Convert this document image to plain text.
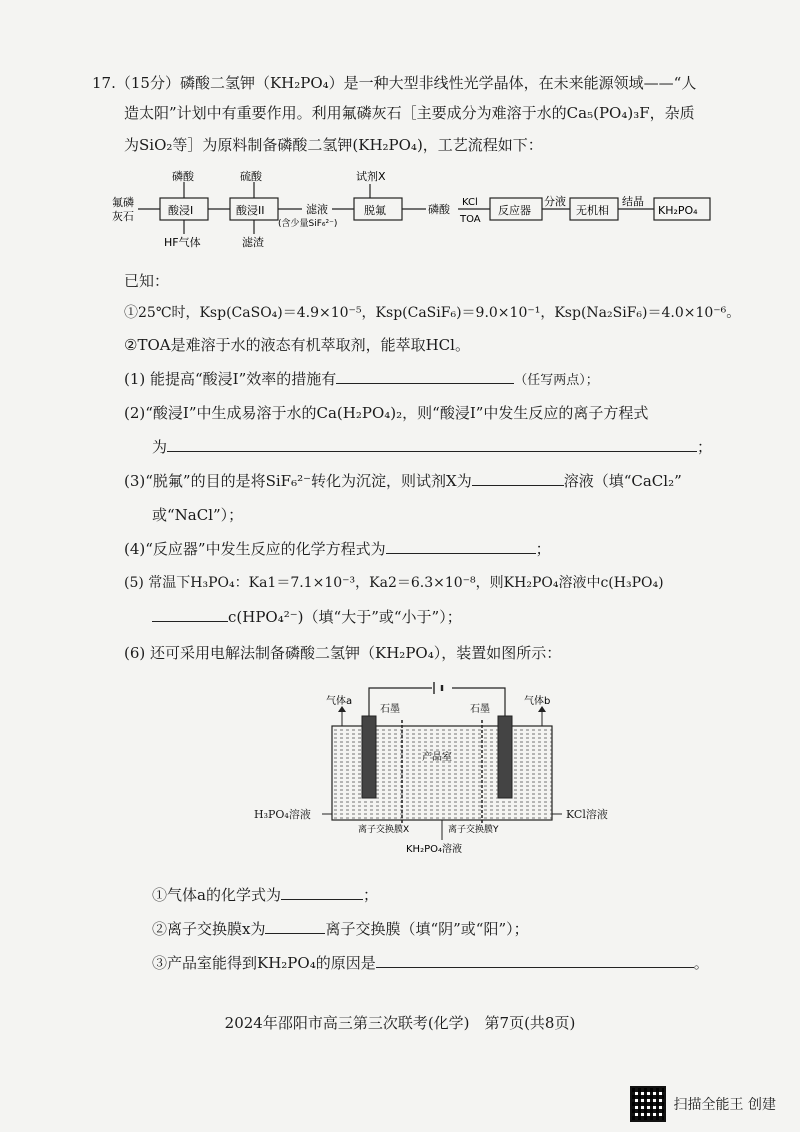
17.（15分）磷酸二氢钾（KH₂PO₄）是一种大型非线性光学晶体，在未来能源领域——“人
造太阳”计划中有重要作用。利用氟磷灰石［主要成分为难溶于水的Ca₅(PO₄)₃F，杂质
为SiO₂等］为原料制备磷酸二氢钾(KH₂PO₄)，工艺流程如下：
氟磷
灰石
磷酸
酸浸I
硫酸
酸浸II
HF气体	滤渣
滤液
(含少量SiF₆²⁻)
试剂X
脱氟	磷酸
KCl
TOA
反应器
分液
无机相
结晶
KH₂PO₄
已知：
①25℃时，Ksp(CaSO₄)＝4.9×10⁻⁵，Ksp(CaSiF₆)＝9.0×10⁻¹，Ksp(Na₂SiF₆)＝4.0×10⁻⁶。
②TOA是难溶于水的液态有机萃取剂，能萃取HCl。
(1) 能提高“酸浸Ⅰ”效率的措施有	（任写两点）；
(2)“酸浸Ⅰ”中生成易溶于水的Ca(H₂PO₄)₂，则“酸浸Ⅰ”中发生反应的离子方程式
为	；
(3)“脱氟”的目的是将SiF₆²⁻转化为沉淀，则试剂X为	溶液（填“CaCl₂”
或“NaCl”）；
(4)“反应器”中发生反应的化学方程式为	；
(5) 常温下H₃PO₄：Ka1＝7.1×10⁻³，Ka2＝6.3×10⁻⁸，则KH₂PO₄溶液中c(H₃PO₄)
c(HPO₄²⁻)（填“大于”或“小于”）；
(6) 还可采用电解法制备磷酸二氢钾（KH₂PO₄），装置如图所示：
气体a	气体b
石墨	石墨
产品室
离子交换膜X	离子交换膜Y
KH₂PO₄溶液
H₃PO₄溶液	KCl溶液
①气体a的化学式为	；
②离子交换膜x为	离子交换膜（填“阴”或“阳”）；
③产品室能得到KH₂PO₄的原因是	。
2024年邵阳市高三第三次联考(化学)　第7页(共8页)
扫描全能王 创建
